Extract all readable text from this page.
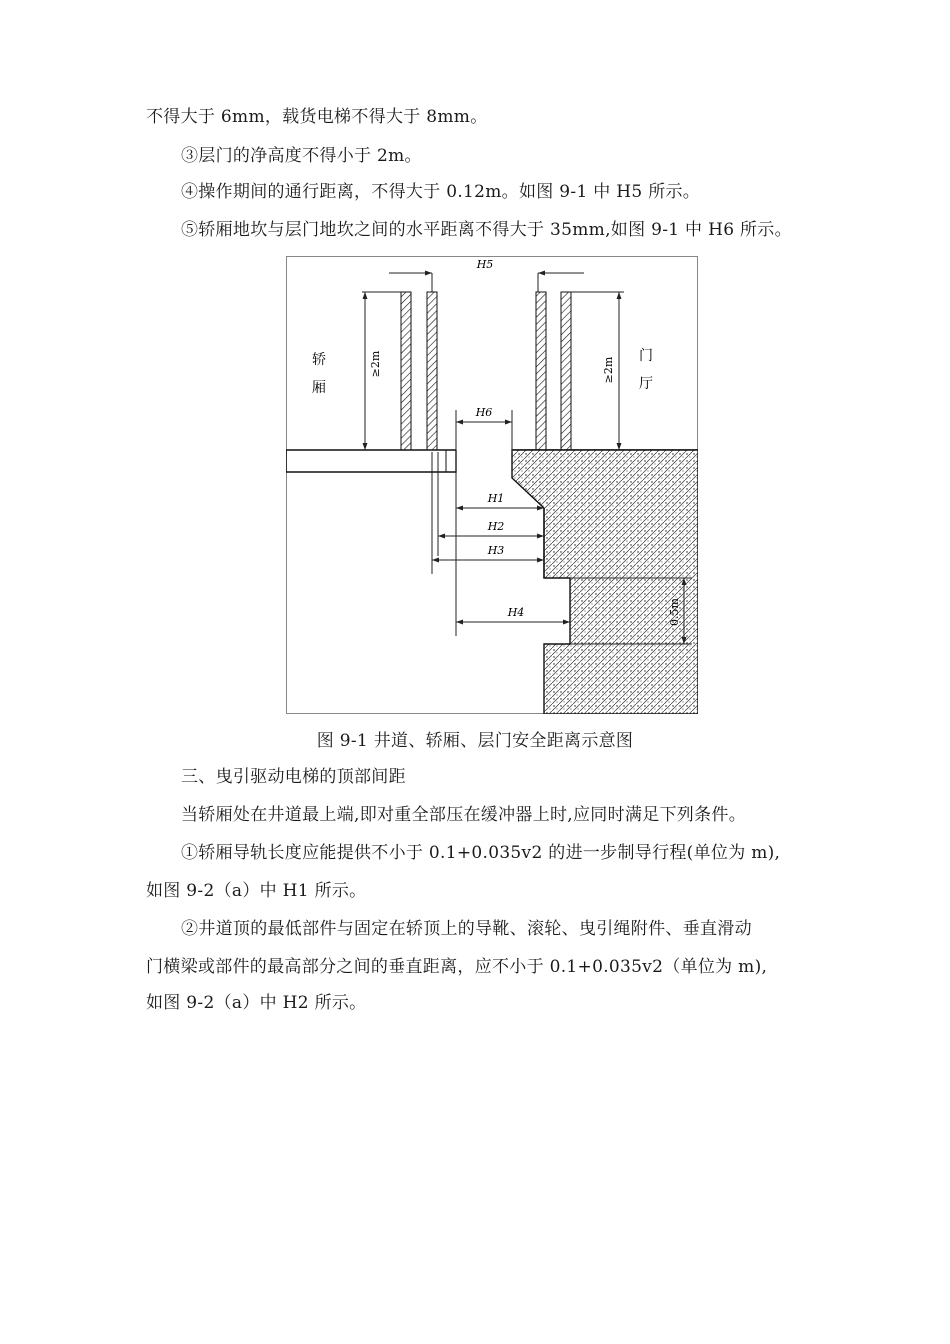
不得大于 6mm，载货电梯不得大于 8mm。
③层门的净高度不得小于 2m。
④操作期间的通行距离，不得大于 0.12m。如图 9-1 中 H5 所示。
⑤轿厢地坎与层门地坎之间的水平距离不得大于 35mm,如图 9-1 中 H6 所示。
H5
≥2m
轿
厢
≥2m
门
厅
H6
H1
H2
H3
H4	0.5m
图 9-1 井道、轿厢、层门安全距离示意图
三、曳引驱动电梯的顶部间距
当轿厢处在井道最上端,即对重全部压在缓冲器上时,应同时满足下列条件。
①轿厢导轨长度应能提供不小于 0.1+0.035v2 的进一步制导行程(单位为 m),
如图 9-2（a）中 H1 所示。
②井道顶的最低部件与固定在轿顶上的导靴、滚轮、曳引绳附件、垂直滑动
门横梁或部件的最高部分之间的垂直距离，应不小于 0.1+0.035v2（单位为 m),
如图 9-2（a）中 H2 所示。
